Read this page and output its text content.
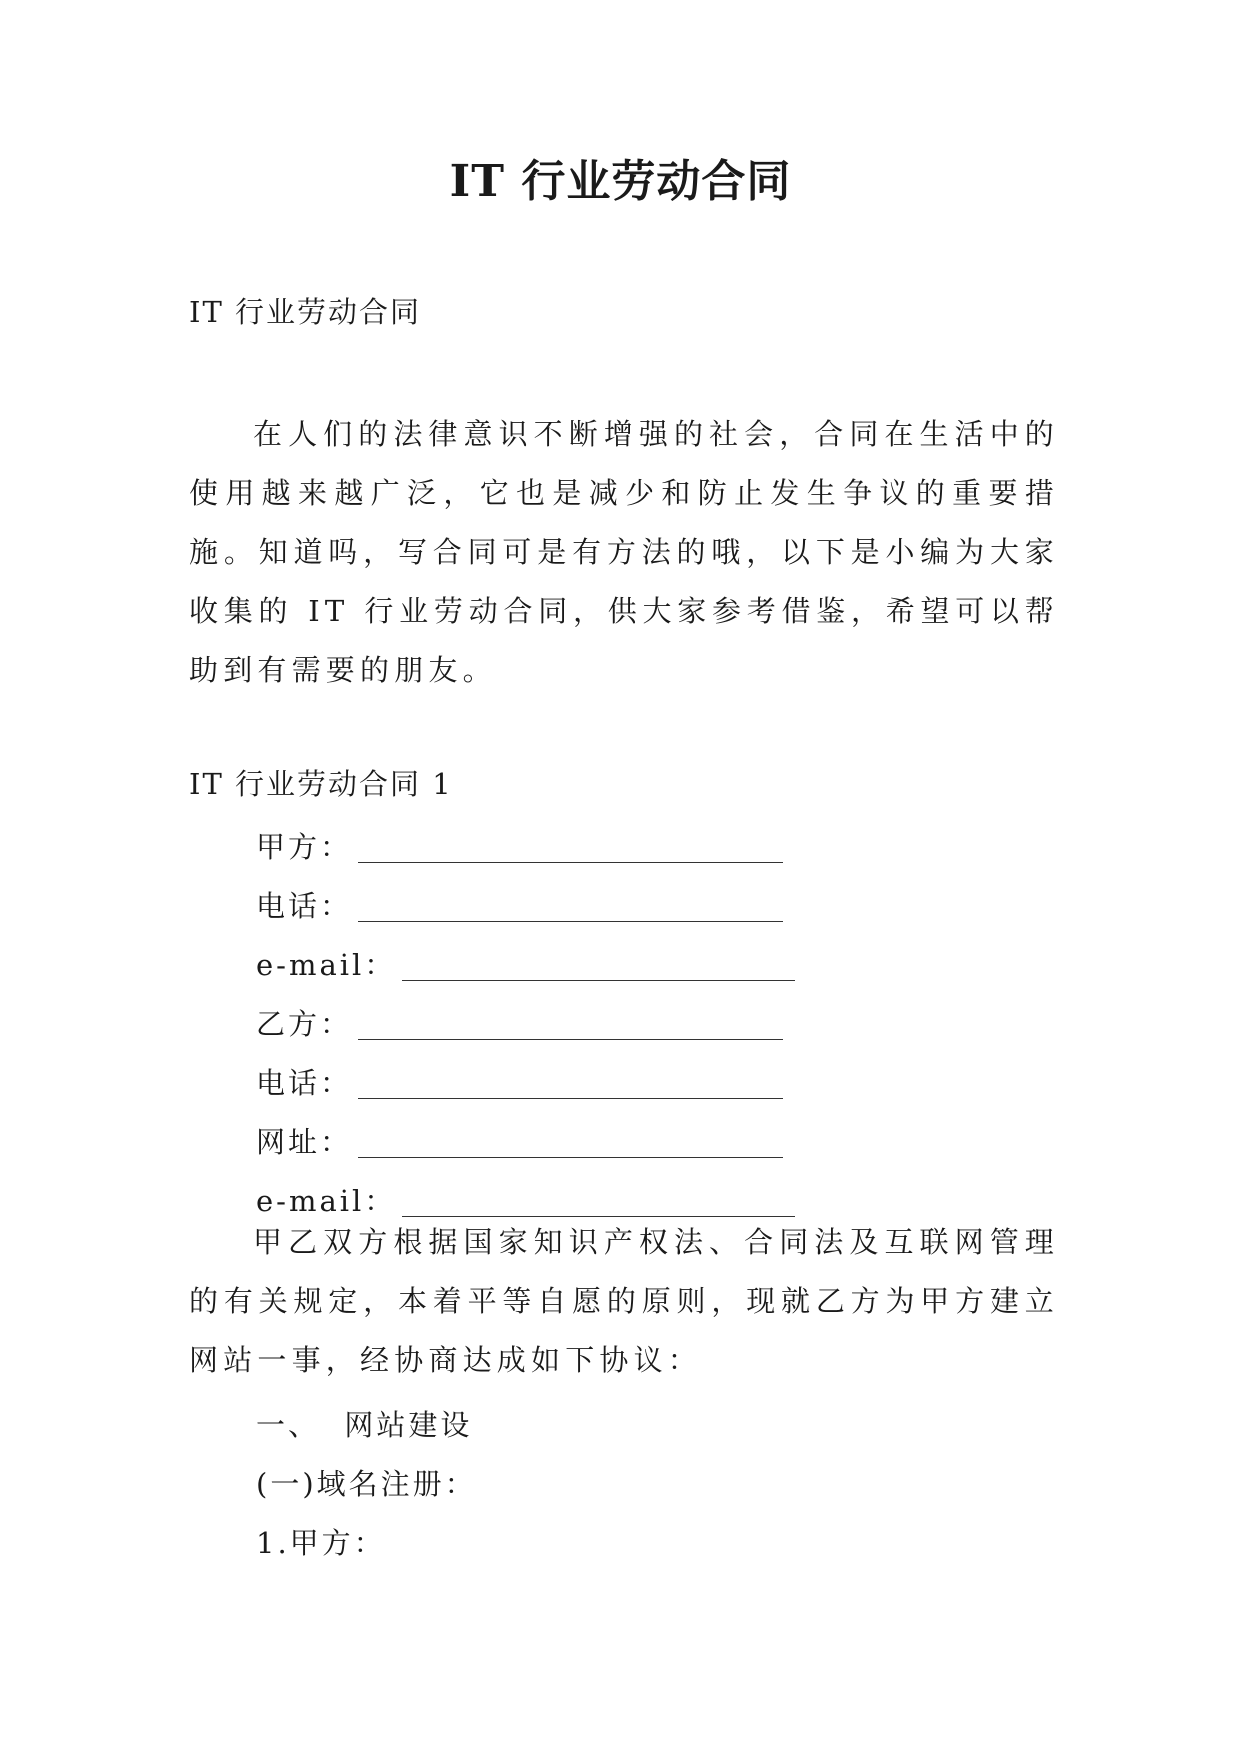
IT 行业劳动合同
IT 行业劳动合同

在人们的法律意识不断增强的社会，合同在生活中的使用越来越广泛，它也是减少和防止发生争议的重要措施。知道吗，写合同可是有方法的哦，以下是小编为大家收集的 IT 行业劳动合同，供大家参考借鉴，希望可以帮助到有需要的朋友。

IT 行业劳动合同 1
甲方：
电话：
e-mail：
乙方：
电话：
网址：
e-mail：

甲乙双方根据国家知识产权法、合同法及互联网管理的有关规定，本着平等自愿的原则，现就乙方为甲方建立网站一事，经协商达成如下协议：

一、  网站建设
(一)域名注册：
1.甲方：
